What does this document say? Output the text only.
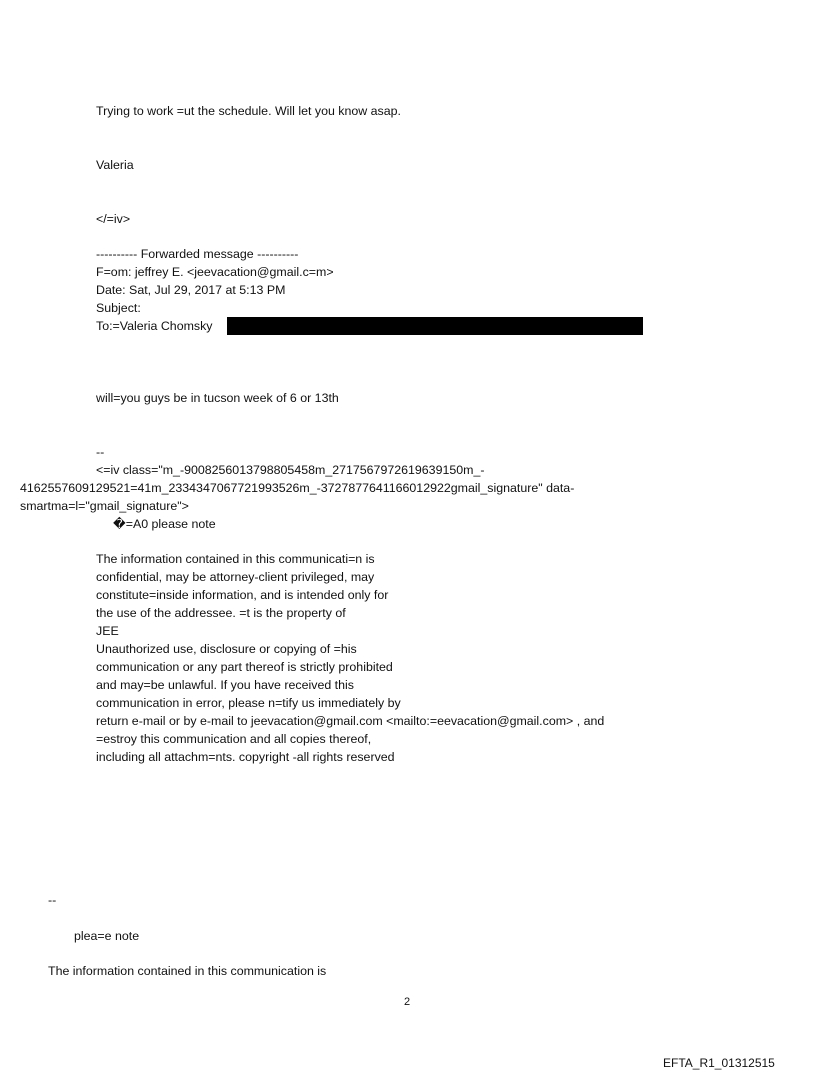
Trying to work =ut the schedule. Will let you know asap.
Valeria
</=iv>
---------- Forwarded message ----------
F=om: jeffrey E. <jeevacation@gmail.c=m>
Date: Sat, Jul 29, 2017 at 5:13 PM
Subject:
To:=Valeria Chomsky
will=you guys be in tucson week of 6 or 13th
--
<=iv class="m_-9008256013798805458m_2717567972619639150m_-
4162557609129521=41m_2334347067721993526m_-3727877641166012922gmail_signature" data-
smartma=l="gmail_signature">
�=A0 please note
The information contained in this communicati=n is
confidential, may be attorney-client privileged, may
constitute=inside information, and is intended only for
the use of the addressee. =t is the property of
JEE
Unauthorized use, disclosure or copying of =his
communication or any part thereof is strictly prohibited
and may=be unlawful. If you have received this
communication in error, please n=tify us immediately by
return e-mail or by e-mail to jeevacation@gmail.com <mailto:=eevacation@gmail.com> , and
=estroy this communication and all copies thereof,
including all attachm=nts. copyright -all rights reserved
--
plea=e note
The information contained in this communication is
2
EFTA_R1_01312515
